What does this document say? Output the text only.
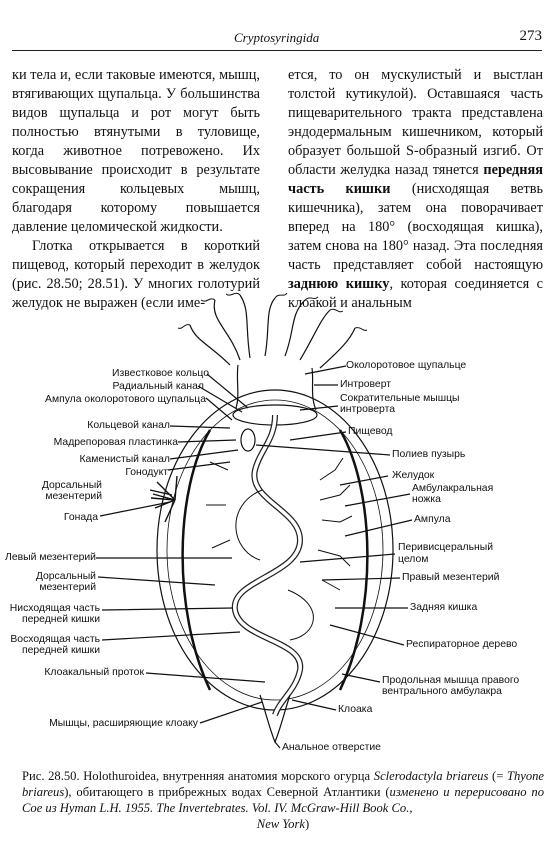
Cryptosyringida	273

ки тела и, если таковые имеются, мышц, втягивающих щупальца. У большинства видов щупальца и рот могут быть полностью втянутыми в туловище, когда животное потревожено. Их высовывание происходит в результате сокращения кольцевых мышц, благодаря которому повышается давление целомической жидкости.

Глотка открывается в короткий пищевод, который переходит в желудок (рис. 28.50; 28.51). У многих голотурий желудок не выражен (если име-

ется, то он мускулистый и выстлан толстой кутикулой). Оставшаяся часть пищеварительного тракта представлена эндодермальным кишечником, который образует большой S-образный изгиб. От области желудка назад тянется передняя часть кишки (нисходящая ветвь кишечника), затем она поворачивает вперед на 180° (восходящая кишка), затем снова на 180° назад. Эта последняя часть представляет собой настоящую заднюю кишку, которая соединяется с клоакой и анальным

Известковое кольцо
Радиальный канал
Ампула околоротового щупальца
Кольцевой канал
Мадрепоровая пластинка
Каменистый канал
Гонодукт
Дорсальный
мезентерий
Гонада
Левый мезентерий
Дорсальный
мезентерий
Нисходящая часть
передней кишки
Восходящая часть
передней кишки
Клоакальный проток
Мышцы, расширяющие клоаку
Околоротовое щупальце
Интроверт
Сократительные мышцы
интроверта
Пищевод
Полиев пузырь
Желудок
Амбулакральная
ножка
Ампула
Перивисцеральный
целом
Правый мезентерий
Задняя кишка
Респираторное дерево
Продольная мышца правого
вентрального амбулакра
Клоака
Анальное отверстие
Рис. 28.50. Holothuroidea, внутренняя анатомия морского огурца Sclerodactyla briareus (= Thyone briareus), обитающего в прибрежных водах Северной Атлантики (изменено и перерисовано по Coe из Hyman L.H. 1955. The Invertebrates. Vol. IV. McGraw-Hill Book Co.,
New York)
